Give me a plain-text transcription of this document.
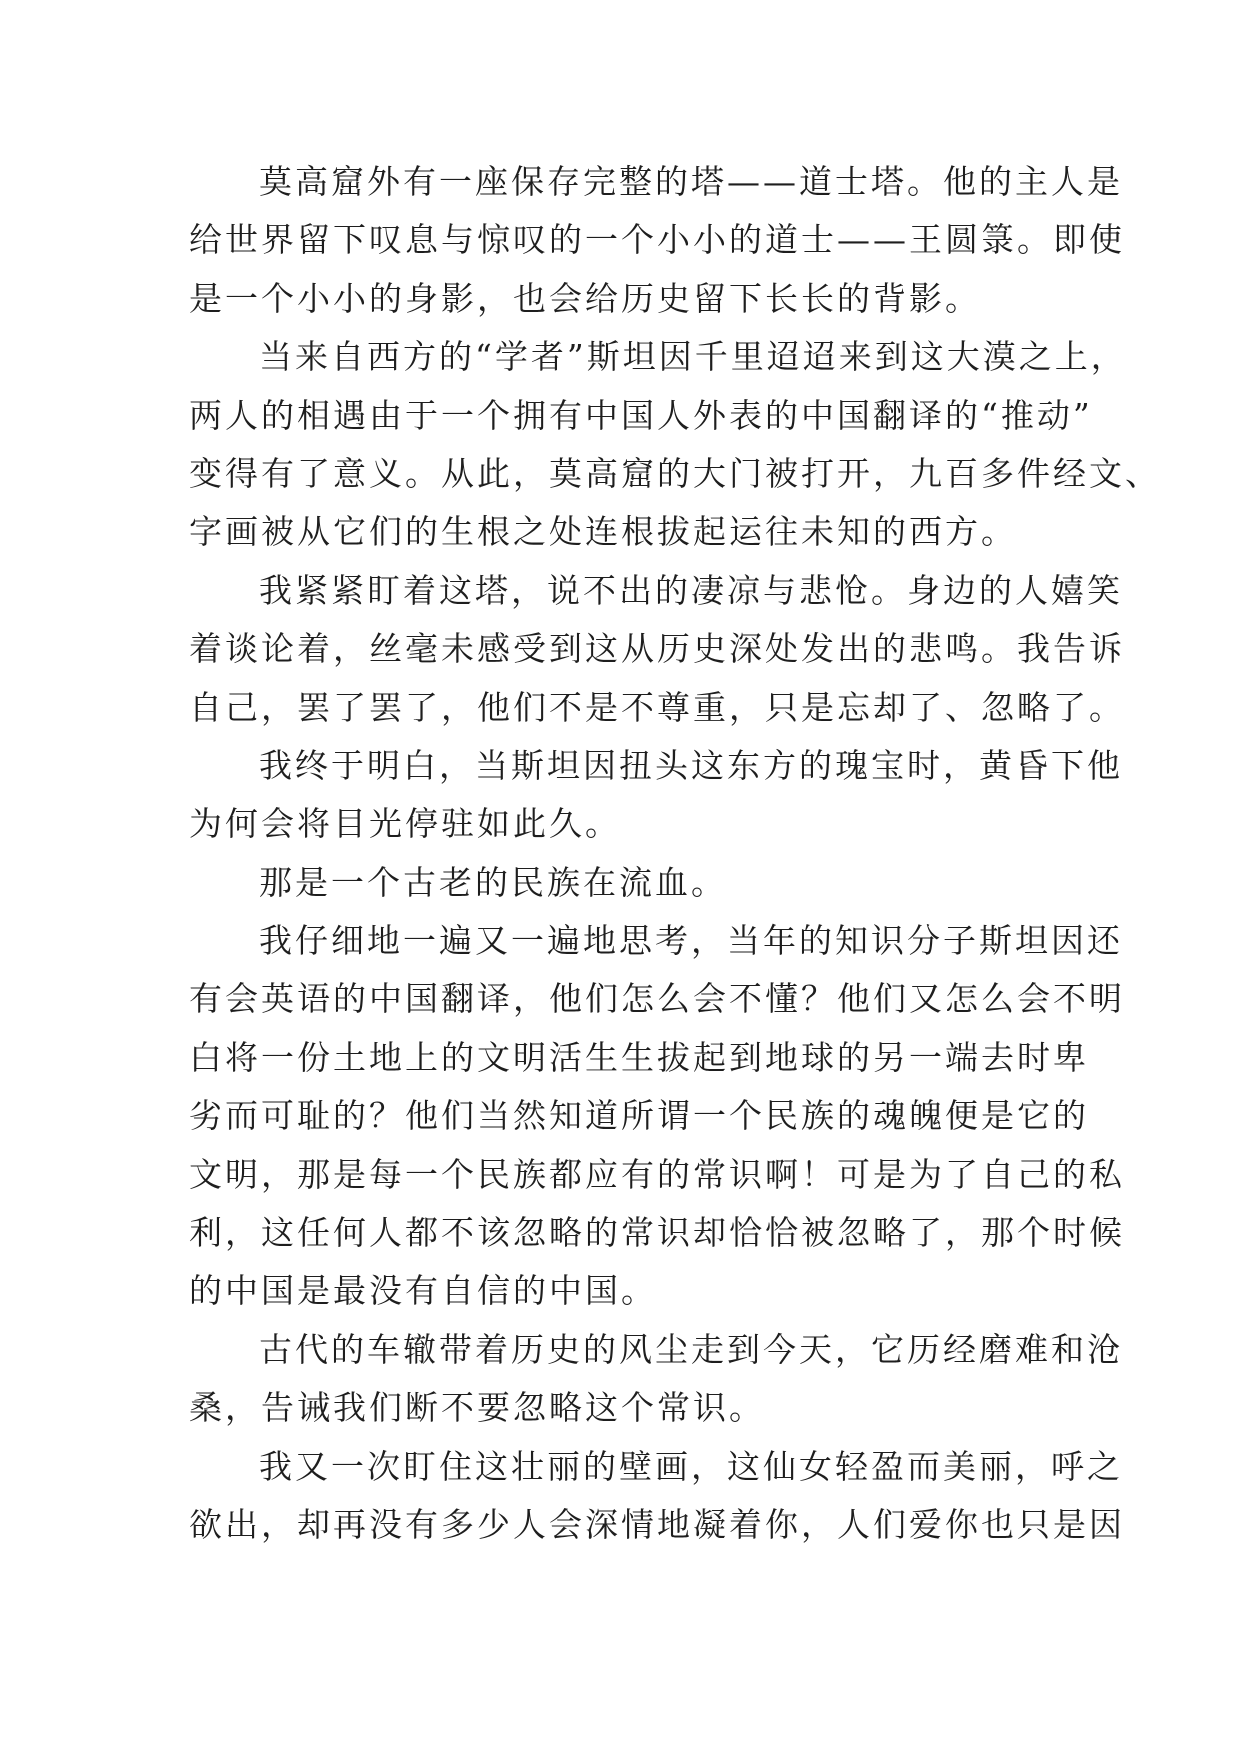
莫高窟外有一座保存完整的塔——道士塔。他的主人是
给世界留下叹息与惊叹的一个小小的道士——王圆箓。即使
是一个小小的身影，也会给历史留下长长的背影。
当来自西方的“学者”斯坦因千里迢迢来到这大漠之上，
两人的相遇由于一个拥有中国人外表的中国翻译的“推动”
变得有了意义。从此，莫高窟的大门被打开，九百多件经文、
字画被从它们的生根之处连根拔起运往未知的西方。
我紧紧盯着这塔，说不出的凄凉与悲怆。身边的人嬉笑
着谈论着，丝毫未感受到这从历史深处发出的悲鸣。我告诉
自己，罢了罢了，他们不是不尊重，只是忘却了、忽略了。
我终于明白，当斯坦因扭头这东方的瑰宝时，黄昏下他
为何会将目光停驻如此久。
那是一个古老的民族在流血。
我仔细地一遍又一遍地思考，当年的知识分子斯坦因还
有会英语的中国翻译，他们怎么会不懂？他们又怎么会不明
白将一份土地上的文明活生生拔起到地球的另一端去时卑
劣而可耻的？他们当然知道所谓一个民族的魂魄便是它的
文明，那是每一个民族都应有的常识啊！可是为了自己的私
利，这任何人都不该忽略的常识却恰恰被忽略了，那个时候
的中国是最没有自信的中国。
古代的车辙带着历史的风尘走到今天，它历经磨难和沧
桑，告诫我们断不要忽略这个常识。
我又一次盯住这壮丽的壁画，这仙女轻盈而美丽，呼之
欲出，却再没有多少人会深情地凝着你，人们爱你也只是因
